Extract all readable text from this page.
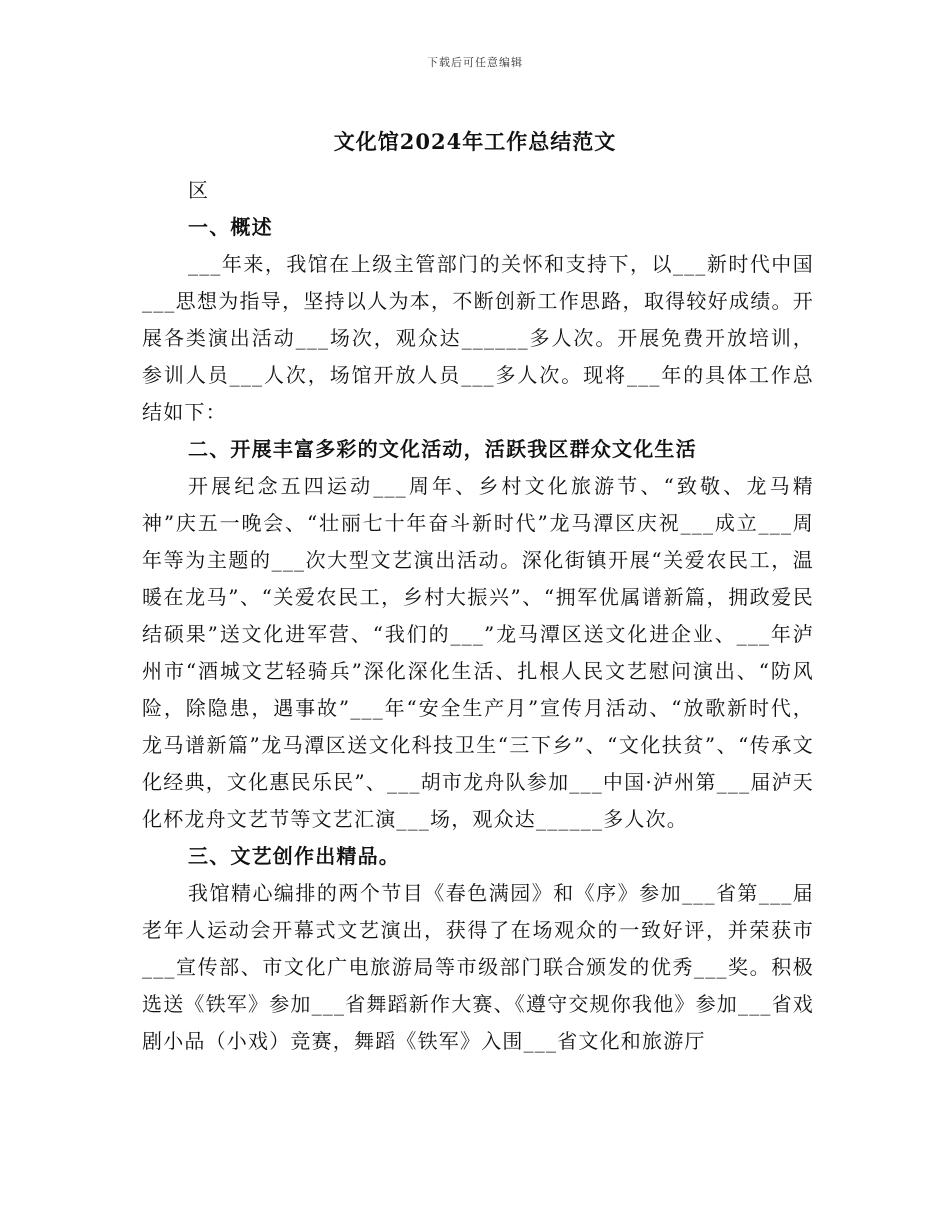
下载后可任意编辑
文化馆2024年工作总结范文

区

一、概述

___年来，我馆在上级主管部门的关怀和支持下，以___新时代中国___思想为指导，坚持以人为本，不断创新工作思路，取得较好成绩。开展各类演出活动___场次，观众达______多人次。开展免费开放培训，参训人员___人次，场馆开放人员___多人次。现将___年的具体工作总结如下：

二、开展丰富多彩的文化活动，活跃我区群众文化生活

开展纪念五四运动___周年、乡村文化旅游节、“致敬、龙马精神”庆五一晚会、“壮丽七十年奋斗新时代”龙马潭区庆祝___成立___周年等为主题的___次大型文艺演出活动。深化街镇开展“关爱农民工，温暖在龙马”、“关爱农民工，乡村大振兴”、“拥军优属谱新篇，拥政爱民结硕果”送文化进军营、“我们的___”龙马潭区送文化进企业、___年泸州市“酒城文艺轻骑兵”深化深化生活、扎根人民文艺慰问演出、“防风险，除隐患，遇事故”___年“安全生产月”宣传月活动、“放歌新时代，龙马谱新篇”龙马潭区送文化科技卫生“三下乡”、“文化扶贫”、“传承文化经典，文化惠民乐民”、___胡市龙舟队参加___中国·泸州第___届泸天化杯龙舟文艺节等文艺汇演___场，观众达______多人次。

三、文艺创作出精品。

我馆精心编排的两个节目《春色满园》和《序》参加___省第___届老年人运动会开幕式文艺演出，获得了在场观众的一致好评，并荣获市___宣传部、市文化广电旅游局等市级部门联合颁发的优秀___奖。积极选送《铁军》参加___省舞蹈新作大赛、《遵守交规你我他》参加___省戏剧小品（小戏）竞赛，舞蹈《铁军》入围___省文化和旅游厅
